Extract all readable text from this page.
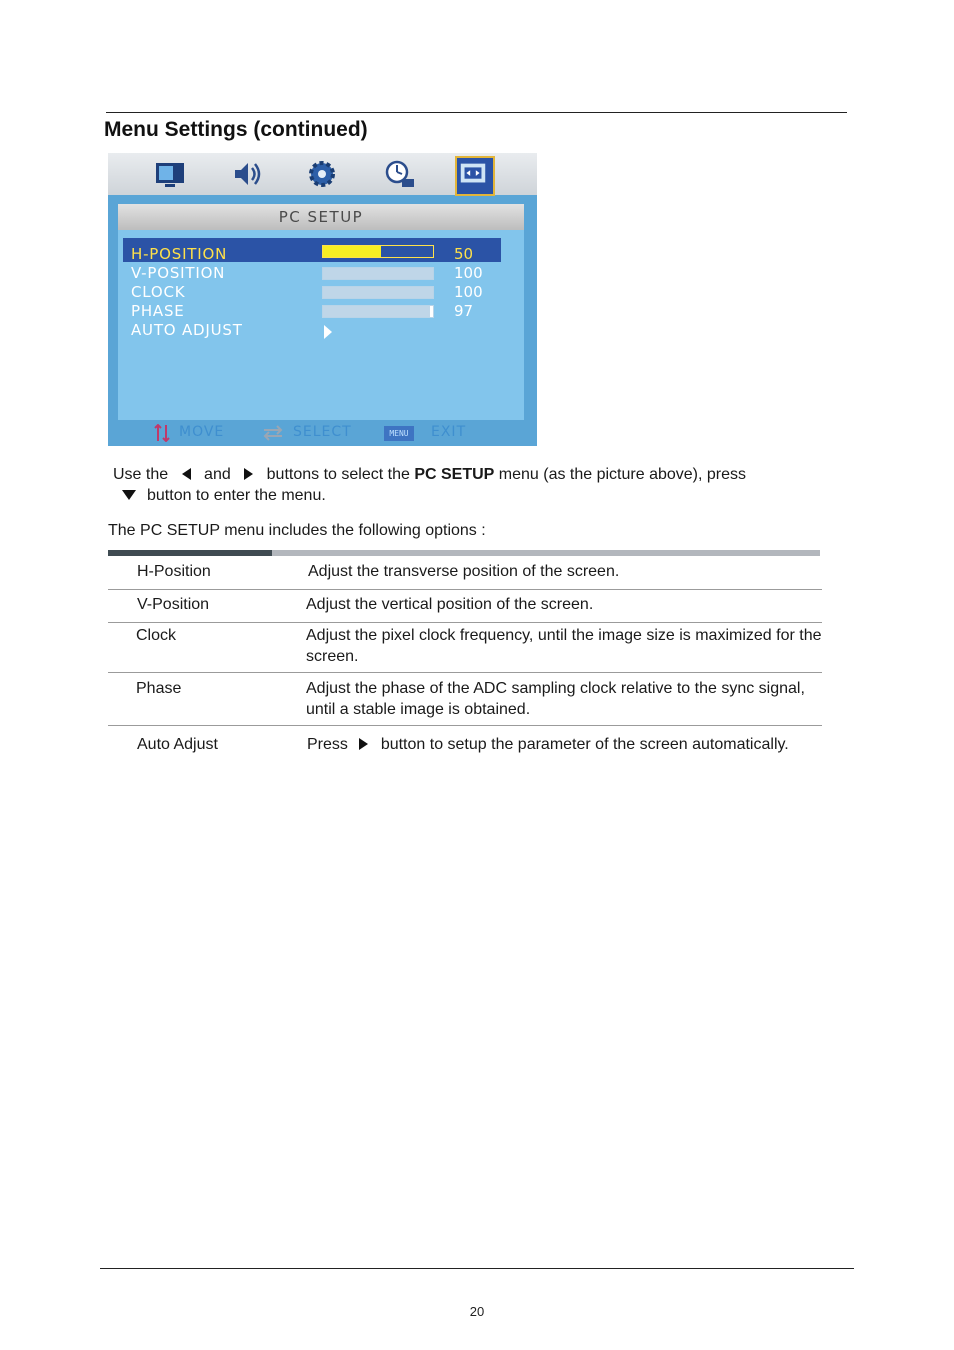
Menu Settings (continued)
PC SETUP
H-POSITION	50
V-POSITION	100
CLOCK	100
PHASE	97
AUTO ADJUST
MOVE	SELECT	MENU	EXIT
Use the and buttons to select the PC SETUP menu (as the picture above), press
button to enter the menu.
The PC SETUP menu includes the following options :
H-Position	Adjust the transverse position of the screen.
V-Position	Adjust the vertical position of the screen.
Clock	Adjust the pixel clock frequency, until the image size is maximized for the screen.
Phase	Adjust the phase of the ADC sampling clock relative to the sync signal, until a stable image is obtained.
Auto Adjust	Press button to setup the parameter of the screen automatically.
20
